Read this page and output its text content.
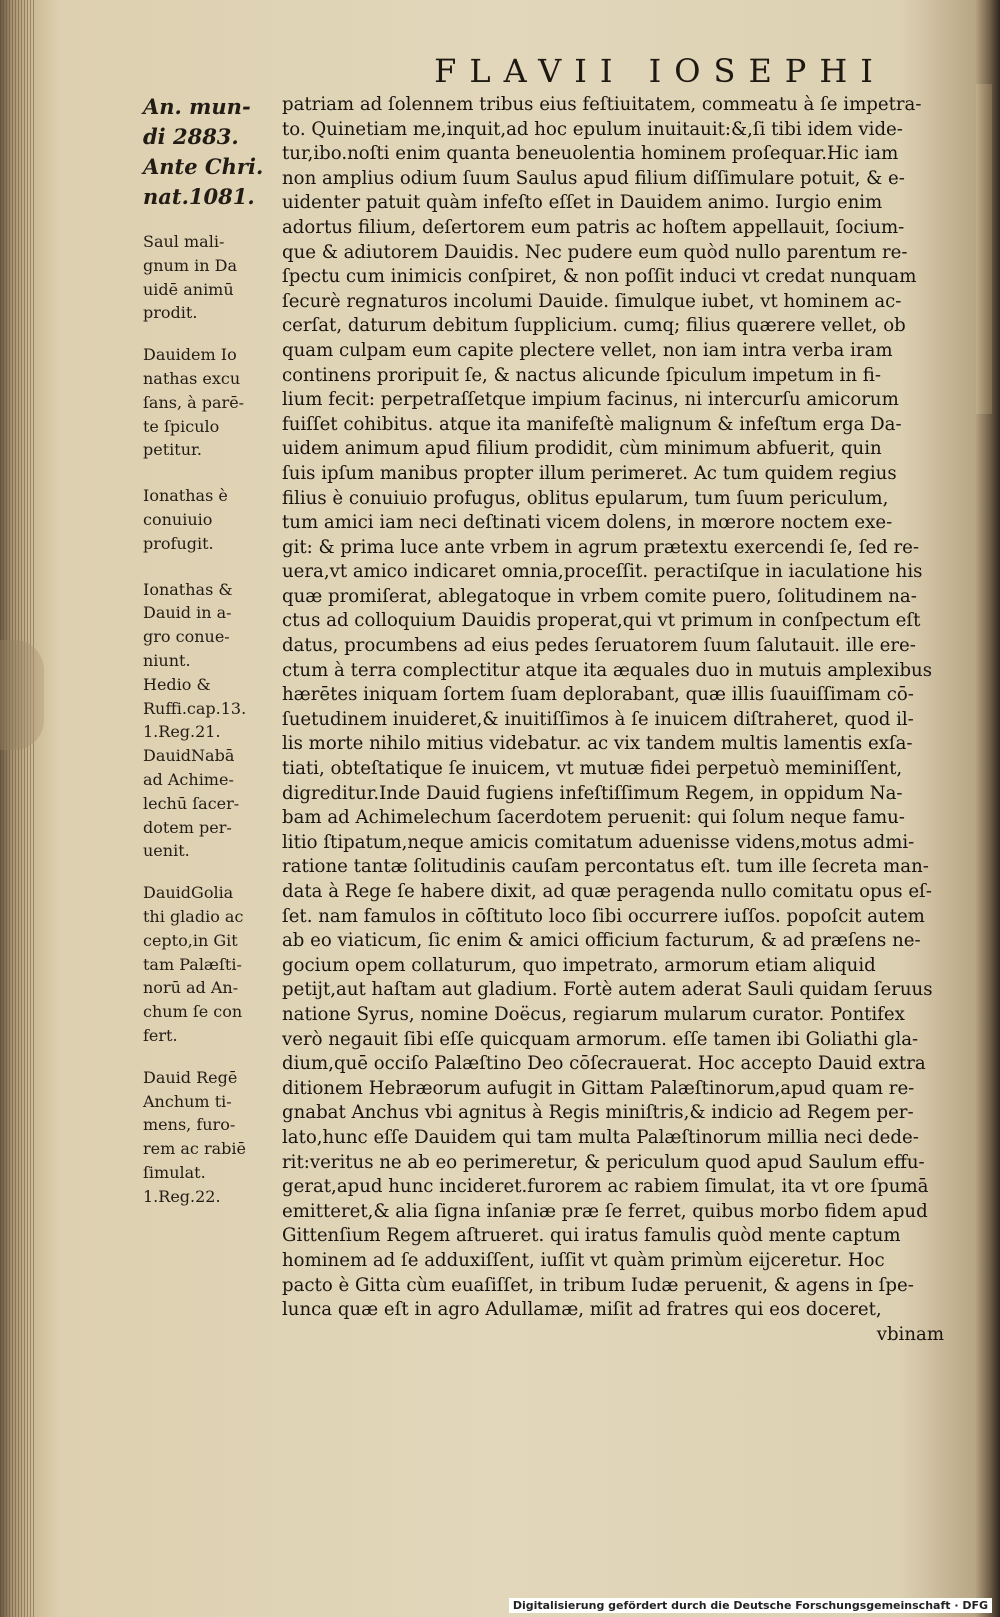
FLAVII IOSEPHI
An. mun-
di 2883.
Ante Chri.
nat.1081.
Saul mali-
gnum in Da
uidē animū
prodit.
Dauidem Io
nathas excu
ſans, à parē-
te ſpiculo
petitur.
Ionathas è
conuiuio
profugit.
Ionathas &
Dauid in a-
gro conue-
niunt.
Hedio &
Ruffi.cap.13.
1.Reg.21.
DauidNabā
ad Achime-
lechū ſacer-
dotem per-
uenit.
DauidGolia
thi gladio ac
cepto,in Git
tam Palæſti-
norū ad An-
chum ſe con
fert.
Dauid Regē
Anchum ti-
mens, furo-
rem ac rabiē
ſimulat.
1.Reg.22.
patriam ad ſolennem tribus eius feſtiuitatem, commeatu à ſe impetra-
to. Quinetiam me,inquit,ad hoc epulum inuitauit:&,ſi tibi idem vide-
tur,ibo.noſti enim quanta beneuolentia hominem proſequar.Hic iam
non amplius odium ſuum Saulus apud filium diſſimulare potuit, & e-
uidenter patuit quàm infeſto eſſet in Dauidem animo. Iurgio enim
adortus filium, deſertorem eum patris ac hoſtem appellauit, ſocium-
que & adiutorem Dauidis. Nec pudere eum quòd nullo parentum re-
ſpectu cum inimicis conſpiret, & non poſſit induci vt credat nunquam
ſecurè regnaturos incolumi Dauide. ſimulque iubet, vt hominem ac-
cerſat, daturum debitum ſupplicium. cumq; filius quærere vellet, ob
quam culpam eum capite plectere vellet, non iam intra verba iram
continens proripuit ſe, & nactus alicunde ſpiculum impetum in fi-
lium fecit: perpetraſſetque impium facinus, ni intercurſu amicorum
fuiſſet cohibitus. atque ita manifeſtè malignum & infeſtum erga Da-
uidem animum apud filium prodidit, cùm minimum abfuerit, quin
ſuis ipſum manibus propter illum perimeret. Ac tum quidem regius
filius è conuiuio profugus, oblitus epularum, tum ſuum periculum,
tum amici iam neci deſtinati vicem dolens, in mœrore noctem exe-
git: & prima luce ante vrbem in agrum prætextu exercendi ſe, ſed re-
uera,vt amico indicaret omnia,proceſſit. peractiſque in iaculatione his
quæ promiſerat, ablegatoque in vrbem comite puero, ſolitudinem na-
ctus ad colloquium Dauidis properat,qui vt primum in conſpectum eſt
datus, procumbens ad eius pedes ſeruatorem ſuum ſalutauit. ille ere-
ctum à terra complectitur atque ita æquales duo in mutuis amplexibus
hærētes iniquam ſortem ſuam deplorabant, quæ illis ſuauiſſimam cō-
ſuetudinem inuideret,& inuitiſſimos à ſe inuicem diſtraheret, quod il-
lis morte nihilo mitius videbatur. ac vix tandem multis lamentis exſa-
tiati, obteſtatique ſe inuicem, vt mutuæ fidei perpetuò meminiſſent,
digreditur.Inde Dauid fugiens infeſtiſſimum Regem, in oppidum Na-
bam ad Achimelechum ſacerdotem peruenit: qui ſolum neque famu-
litio ſtipatum,neque amicis comitatum aduenisse videns,motus admi-
ratione tantæ ſolitudinis cauſam percontatus eſt. tum ille ſecreta man-
data à Rege ſe habere dixit, ad quæ peragenda nullo comitatu opus eſ-
ſet. nam famulos in cōſtituto loco ſibi occurrere iuſſos. popoſcit autem
ab eo viaticum, ſic enim & amici officium facturum, & ad præſens ne-
gocium opem collaturum, quo impetrato, armorum etiam aliquid
petijt,aut haſtam aut gladium. Fortè autem aderat Sauli quidam ſeruus
natione Syrus, nomine Doëcus, regiarum mularum curator. Pontifex
verò negauit ſibi eſſe quicquam armorum. eſſe tamen ibi Goliathi gla-
dium,quē occiſo Palæſtino Deo cōſecrauerat. Hoc accepto Dauid extra
ditionem Hebræorum aufugit in Gittam Palæſtinorum,apud quam re-
gnabat Anchus vbi agnitus à Regis miniſtris,& indicio ad Regem per-
lato,hunc eſſe Dauidem qui tam multa Palæſtinorum millia neci dede-
rit:veritus ne ab eo perimeretur, & periculum quod apud Saulum effu-
gerat,apud hunc incideret.furorem ac rabiem ſimulat, ita vt ore ſpumā
emitteret,& alia ſigna inſaniæ præ ſe ferret, quibus morbo fidem apud
Gittenſium Regem aſtrueret. qui iratus famulis quòd mente captum
hominem ad ſe adduxiſſent, iuſſit vt quàm primùm eijceretur. Hoc
pacto è Gitta cùm euaſiſſet, in tribum Iudæ peruenit, & agens in ſpe-
lunca quæ eſt in agro Adullamæ, miſit ad fratres qui eos doceret,
vbinam
Digitalisierung gefördert durch die Deutsche Forschungsgemeinschaft · DFG
